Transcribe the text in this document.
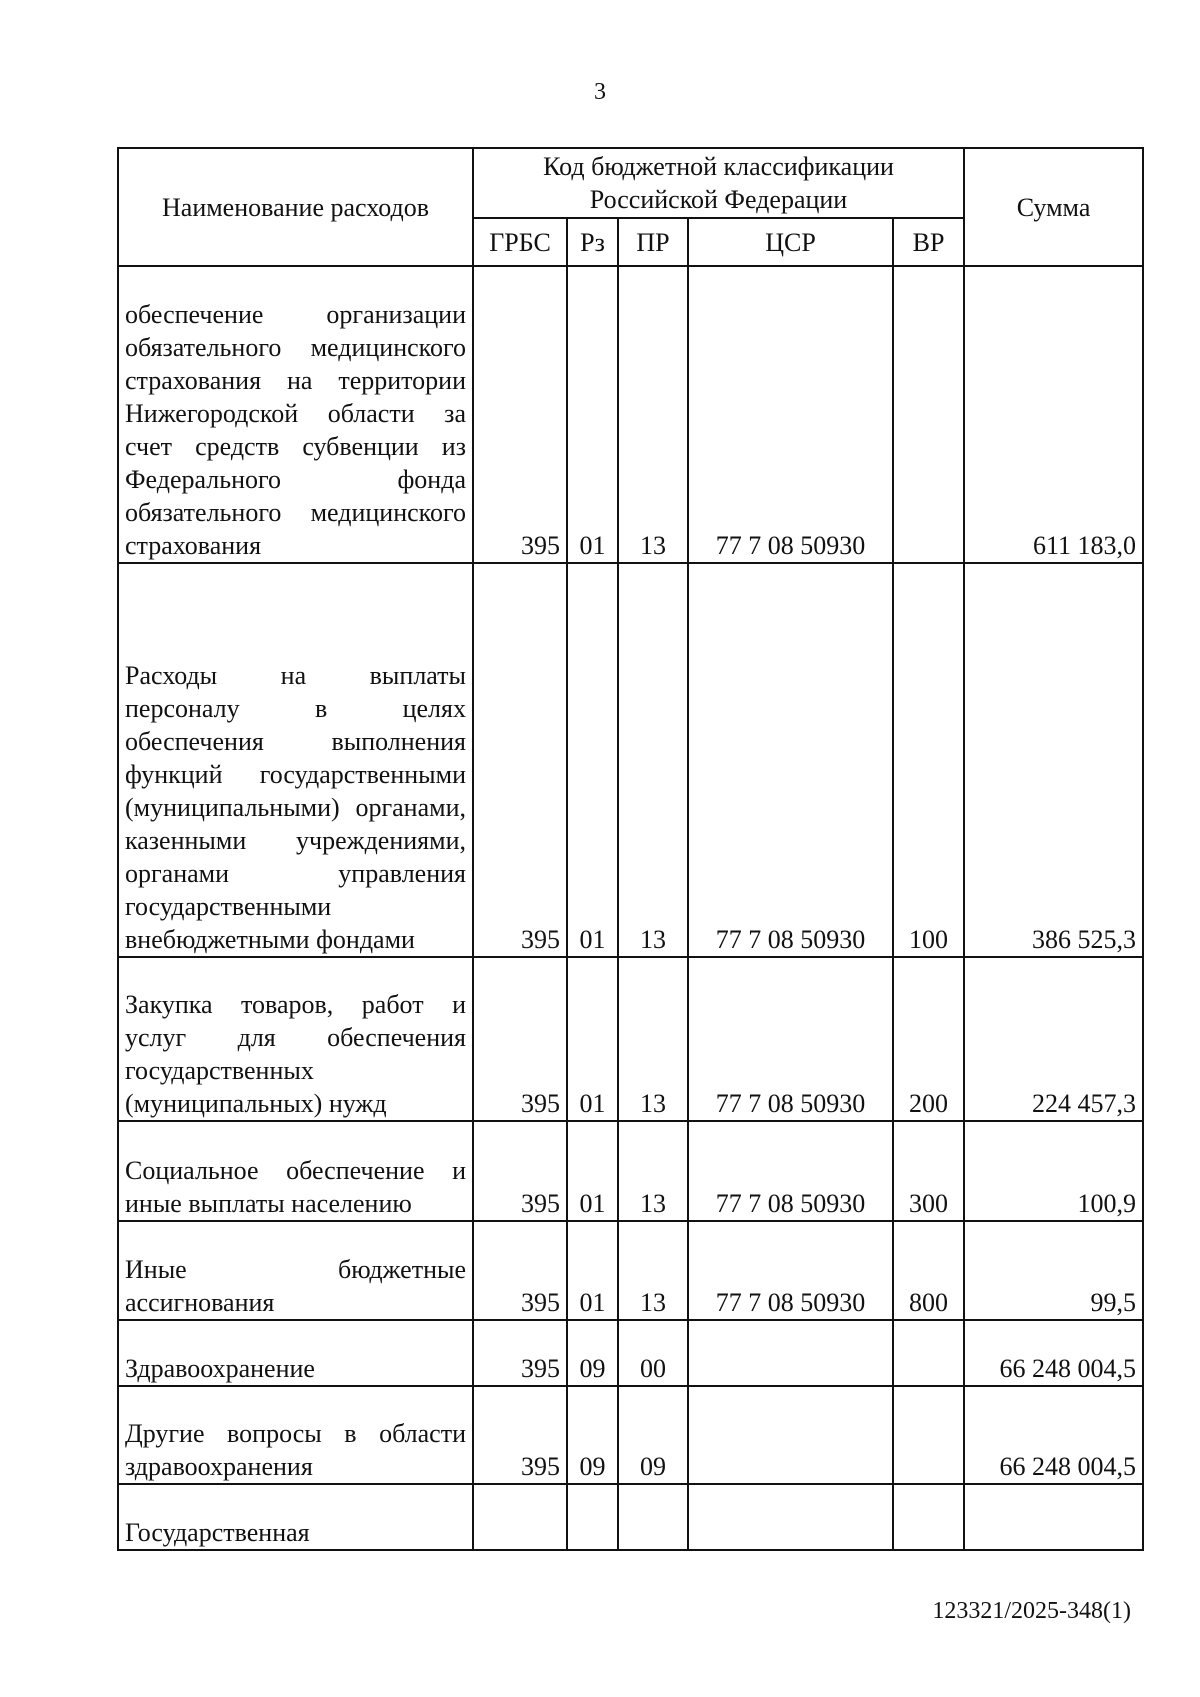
3
Наименование расходов	Код бюджетной классификации Российской Федерации					Сумма
	ГРБС	Рз	ПР	ЦСР	ВР	
обеспечение организации обязательного медицинского страхования на территории Нижегородской области за счет средств субвенции из Федерального фонда обязательного медицинского страхования	395	01	13	77 7 08 50930		611 183,0
Расходы на выплаты персоналу в целях обеспечения выполнения функций государственными (муниципальными) органами, казенными учреждениями, органами управления государственными внебюджетными фондами	395	01	13	77 7 08 50930	100	386 525,3
Закупка товаров, работ и услуг для обеспечения государственных (муниципальных) нужд	395	01	13	77 7 08 50930	200	224 457,3
Социальное обеспечение и иные выплаты населению	395	01	13	77 7 08 50930	300	100,9
Иные бюджетные ассигнования	395	01	13	77 7 08 50930	800	99,5
Здравоохранение	395	09	00			66 248 004,5
Другие вопросы в области здравоохранения	395	09	09			66 248 004,5
Государственная						
123321/2025-348(1)
